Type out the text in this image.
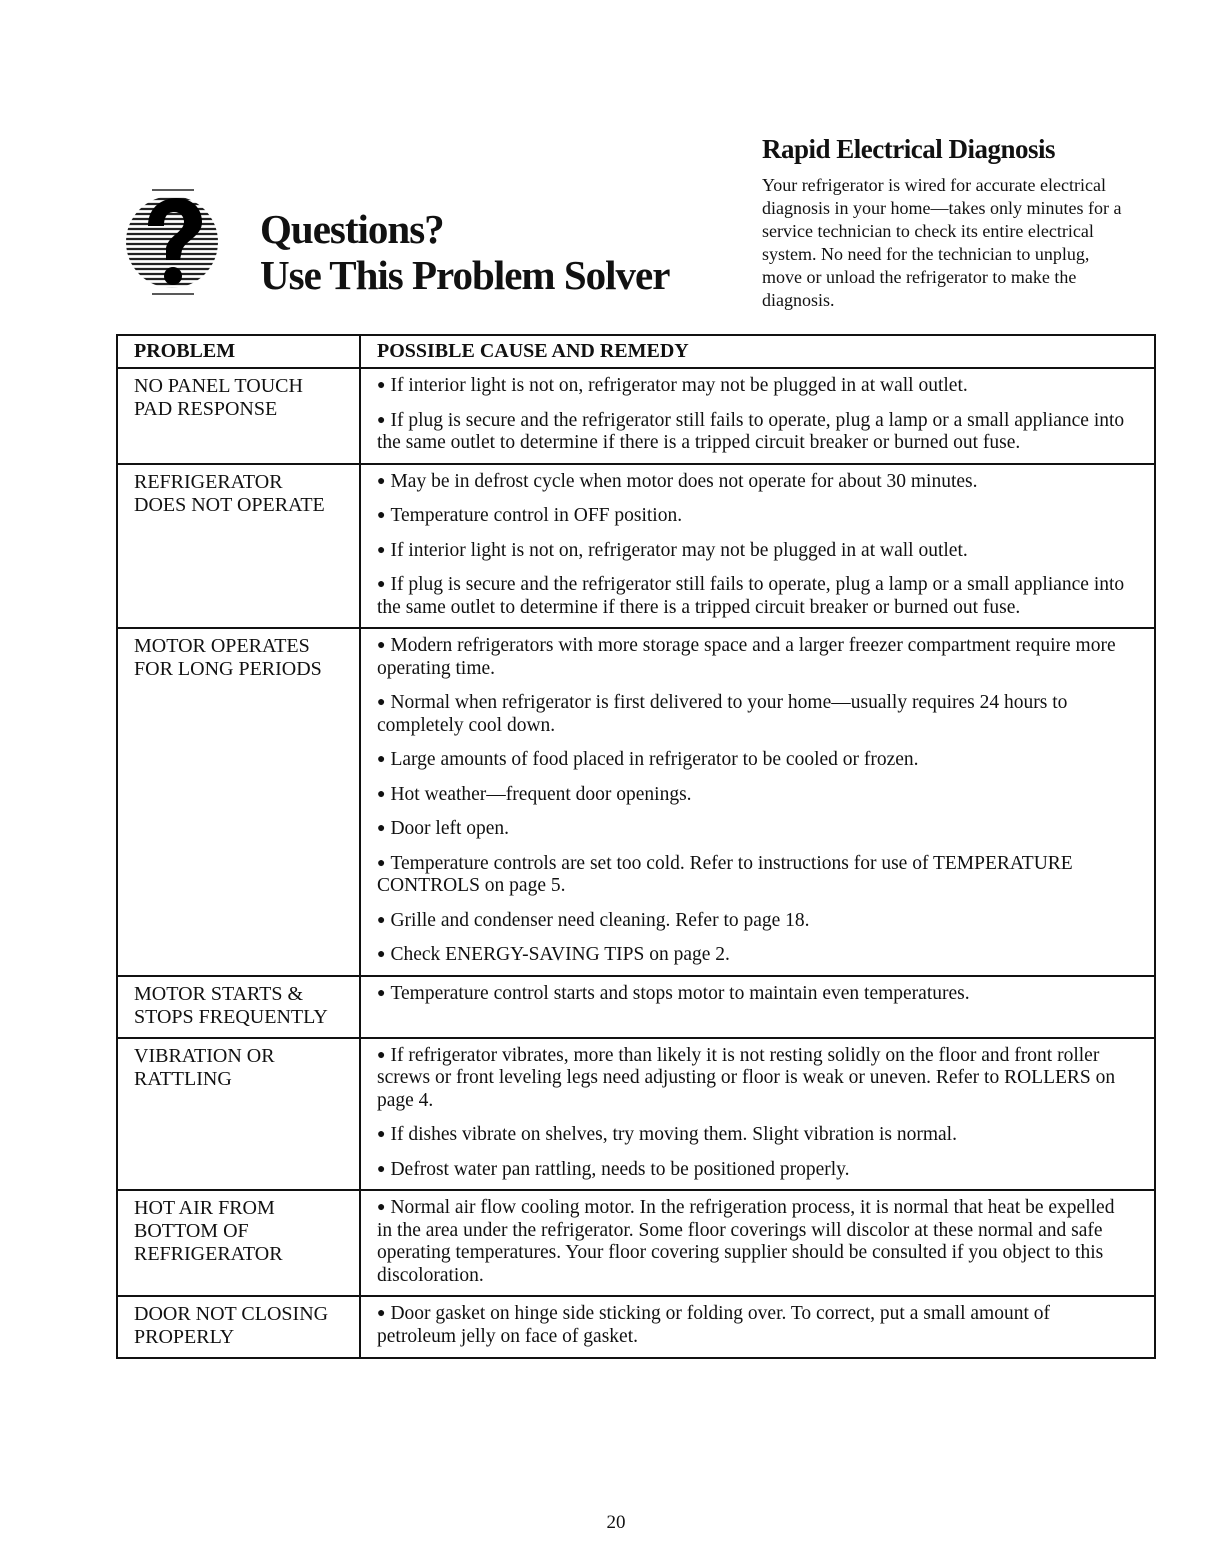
Questions?
Use This Problem Solver
Rapid Electrical Diagnosis
Your refrigerator is wired for accurate electrical diagnosis in your home—takes only minutes for a service technician to check its entire electrical system. No need for the technician to unplug, move or unload the refrigerator to make the diagnosis.
PROBLEM	POSSIBLE CAUSE AND REMEDY
NO PANEL TOUCH
PAD RESPONSE
● If interior light is not on, refrigerator may not be plugged in at wall outlet.
● If plug is secure and the refrigerator still fails to operate, plug a lamp or a small appliance into the same outlet to determine if there is a tripped circuit breaker or burned out fuse.
REFRIGERATOR
DOES NOT OPERATE
● May be in defrost cycle when motor does not operate for about 30 minutes.
● Temperature control in OFF position.
● If interior light is not on, refrigerator may not be plugged in at wall outlet.
● If plug is secure and the refrigerator still fails to operate, plug a lamp or a small appliance into the same outlet to determine if there is a tripped circuit breaker or burned out fuse.
MOTOR OPERATES
FOR LONG PERIODS
● Modern refrigerators with more storage space and a larger freezer compartment require more operating time.
● Normal when refrigerator is first delivered to your home—usually requires 24 hours to completely cool down.
● Large amounts of food placed in refrigerator to be cooled or frozen.
● Hot weather—frequent door openings.
● Door left open.
● Temperature controls are set too cold. Refer to instructions for use of TEMPERATURE CONTROLS on page 5.
● Grille and condenser need cleaning. Refer to page 18.
● Check ENERGY-SAVING TIPS on page 2.
MOTOR STARTS &
STOPS FREQUENTLY
● Temperature control starts and stops motor to maintain even temperatures.
VIBRATION OR
RATTLING
● If refrigerator vibrates, more than likely it is not resting solidly on the floor and front roller screws or front leveling legs need adjusting or floor is weak or uneven. Refer to ROLLERS on page 4.
● If dishes vibrate on shelves, try moving them. Slight vibration is normal.
● Defrost water pan rattling, needs to be positioned properly.
HOT AIR FROM
BOTTOM OF
REFRIGERATOR
● Normal air flow cooling motor. In the refrigeration process, it is normal that heat be expelled in the area under the refrigerator. Some floor coverings will discolor at these normal and safe operating temperatures. Your floor covering supplier should be consulted if you object to this discoloration.
DOOR NOT CLOSING
PROPERLY
● Door gasket on hinge side sticking or folding over. To correct, put a small amount of petroleum jelly on face of gasket.
20
